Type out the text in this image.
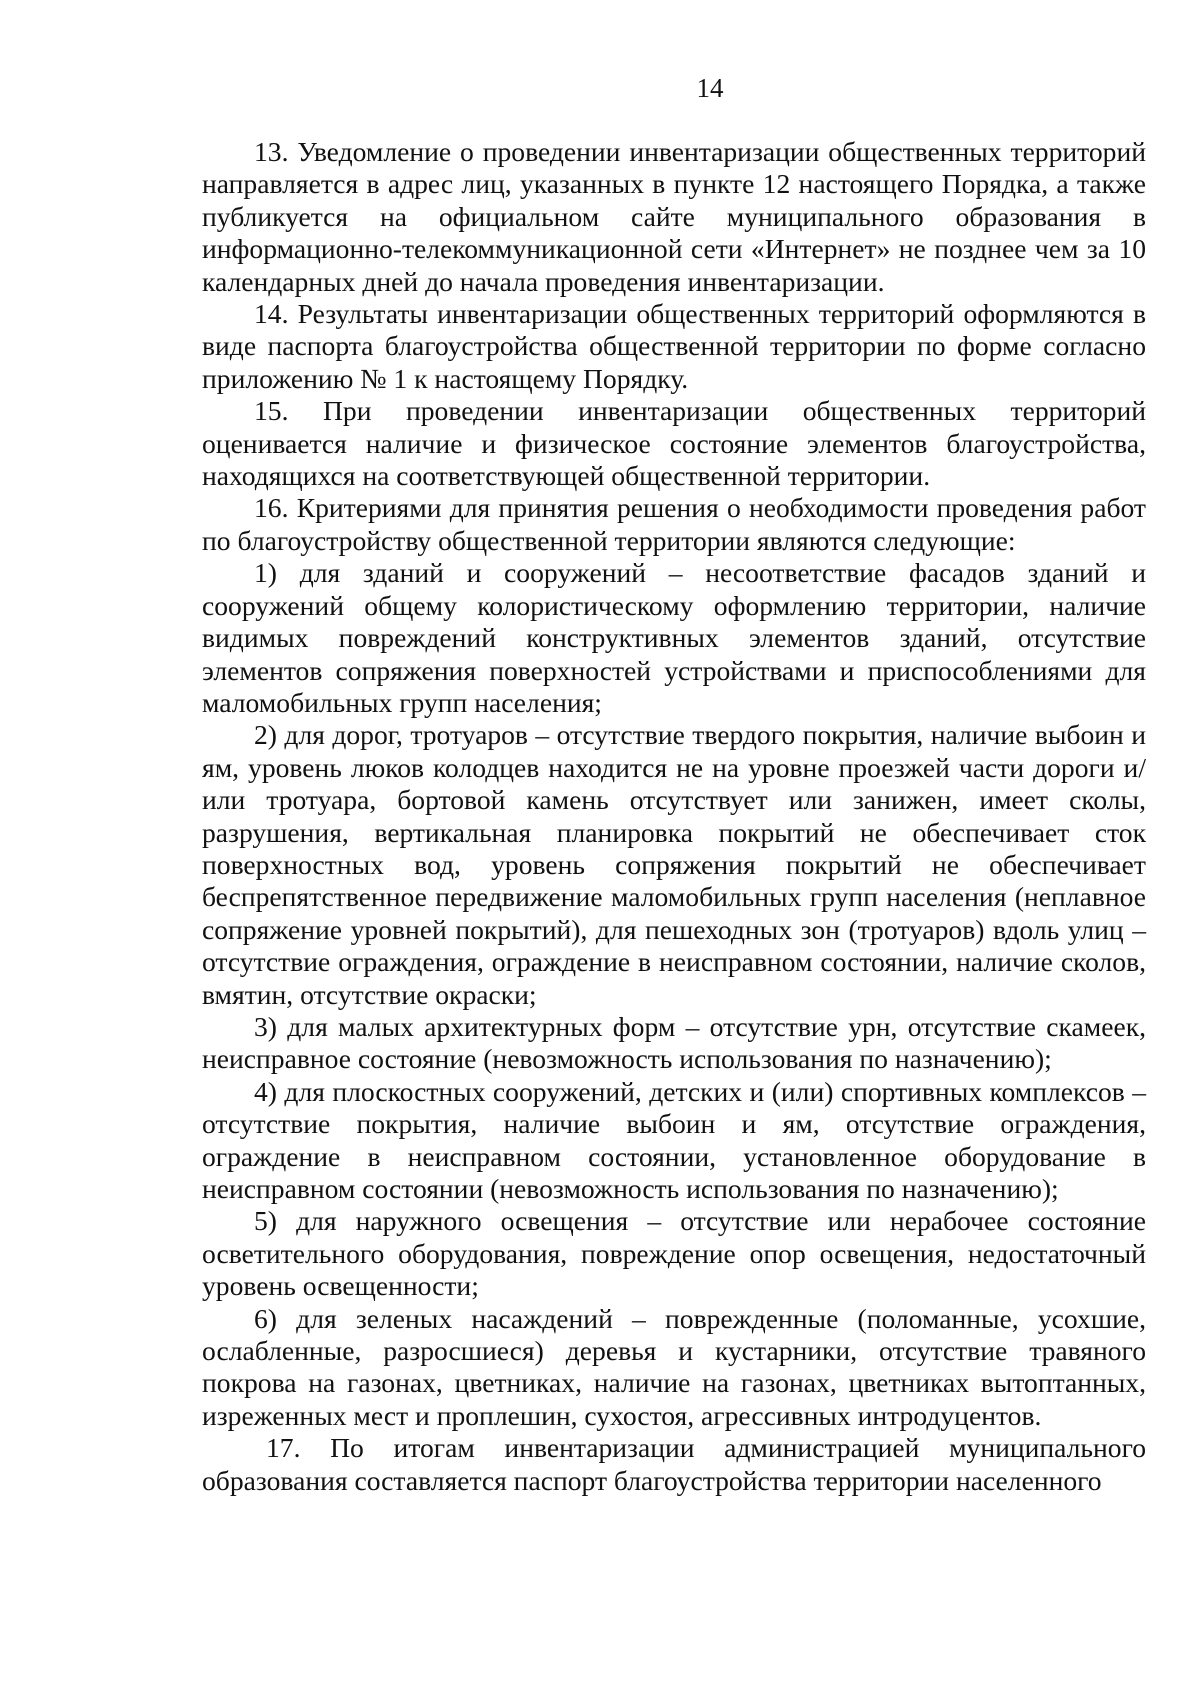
14

13. Уведомление о проведении инвентаризации общественных территорий направляется в адрес лиц, указанных в пункте 12 настоящего Порядка, а также публикуется на официальном сайте муниципального образования в информационно-телекоммуникационной сети «Интернет» не позднее чем за 10 календарных дней до начала проведения инвентаризации.

14. Результаты инвентаризации общественных территорий оформляются в виде паспорта благоустройства общественной территории по форме согласно приложению № 1 к настоящему Порядку.

15. При проведении инвентаризации общественных территорий оценивается наличие и физическое состояние элементов благоустройства, находящихся на соответствующей общественной территории.

16. Критериями для принятия решения о необходимости проведения работ по благоустройству общественной территории являются следующие:

1) для зданий и сооружений – несоответствие фасадов зданий и сооружений общему колористическому оформлению территории, наличие видимых повреждений конструктивных элементов зданий, отсутствие элементов сопряжения поверхностей устройствами и приспособлениями для маломобильных групп населения;

2) для дорог, тротуаров – отсутствие твердого покрытия, наличие выбоин и ям, уровень люков колодцев находится не на уровне проезжей части дороги и/или тротуара, бортовой камень отсутствует или занижен, имеет сколы, разрушения, вертикальная планировка покрытий не обеспечивает сток поверхностных вод, уровень сопряжения покрытий не обеспечивает беспрепятственное передвижение маломобильных групп населения (неплавное сопряжение уровней покрытий), для пешеходных зон (тротуаров) вдоль улиц – отсутствие ограждения, ограждение в неисправном состоянии, наличие сколов, вмятин, отсутствие окраски;

3) для малых архитектурных форм – отсутствие урн, отсутствие скамеек, неисправное состояние (невозможность использования по назначению);

4) для плоскостных сооружений, детских и (или) спортивных комплексов – отсутствие покрытия, наличие выбоин и ям, отсутствие ограждения, ограждение в неисправном состоянии, установленное оборудование в неисправном состоянии (невозможность использования по назначению);

5) для наружного освещения – отсутствие или нерабочее состояние осветительного оборудования, повреждение опор освещения, недостаточный уровень освещенности;

6) для зеленых насаждений – поврежденные (поломанные, усохшие, ослабленные, разросшиеся) деревья и кустарники, отсутствие травяного покрова на газонах, цветниках, наличие на газонах, цветниках вытоптанных, изреженных мест и проплешин, сухостоя, агрессивных интродуцентов.

17. По итогам инвентаризации администрацией муниципального образования составляется паспорт благоустройства территории населенного
